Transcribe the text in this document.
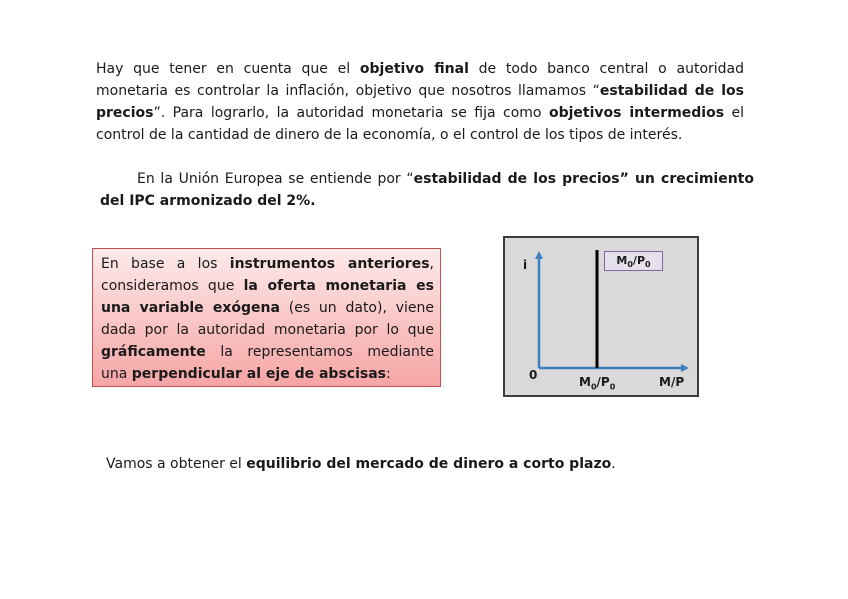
Hay que tener en cuenta que el objetivo final de todo banco central o autoridad monetaria es controlar la inflación, objetivo que nosotros llamamos “estabilidad de los precios”. Para lograrlo, la autoridad monetaria se fija como objetivos intermedios el control de la cantidad de dinero de la economía, o el control de los tipos de interés.

En la Unión Europea se entiende por “estabilidad de los precios” un crecimiento del IPC armonizado del 2%.

En base a los instrumentos anteriores, consideramos que la oferta monetaria es una variable exógena (es un dato), viene dada por la autoridad monetaria por lo que gráficamente la representamos mediante una perpendicular al eje de abscisas:

i
0	M/P
$M_0/P_0$
$M_0/P_0$

Vamos a obtener el equilibrio del mercado de dinero a corto plazo.
